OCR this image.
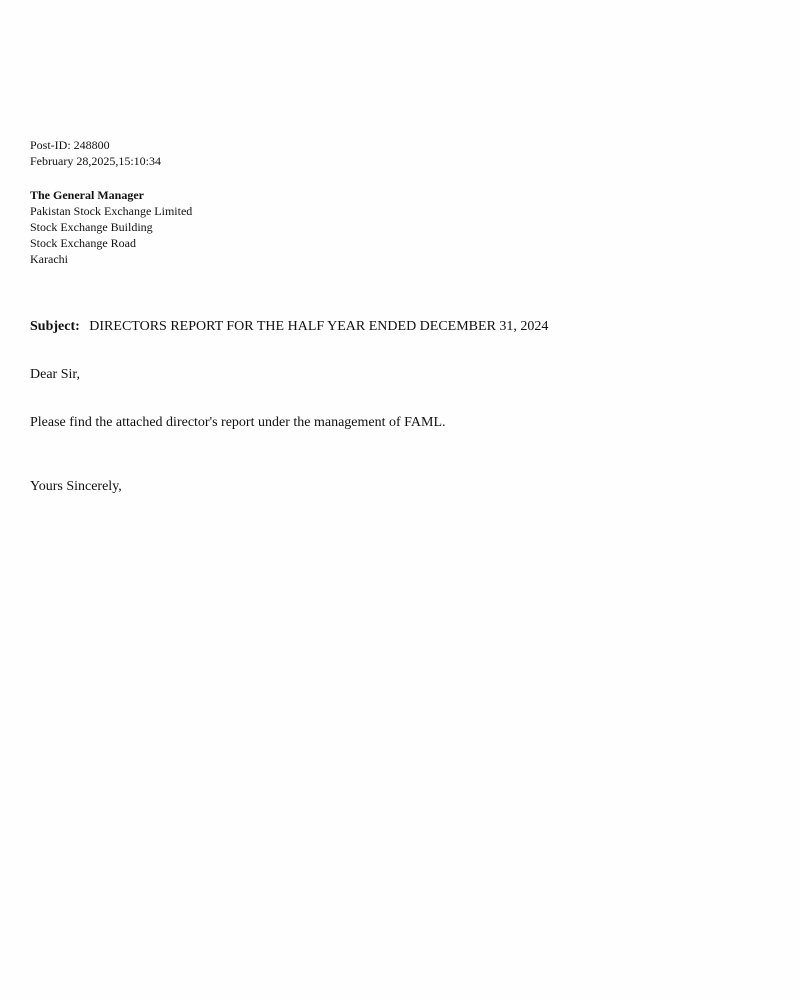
Post-ID: 248800

February 28,2025,15:10:34

The General Manager

Pakistan Stock Exchange Limited

Stock Exchange Building

Stock Exchange Road

Karachi

Subject: DIRECTORS REPORT FOR THE HALF YEAR ENDED DECEMBER 31, 2024

Dear Sir,

Please find the attached director's report under the management of FAML.

Yours Sincerely,
